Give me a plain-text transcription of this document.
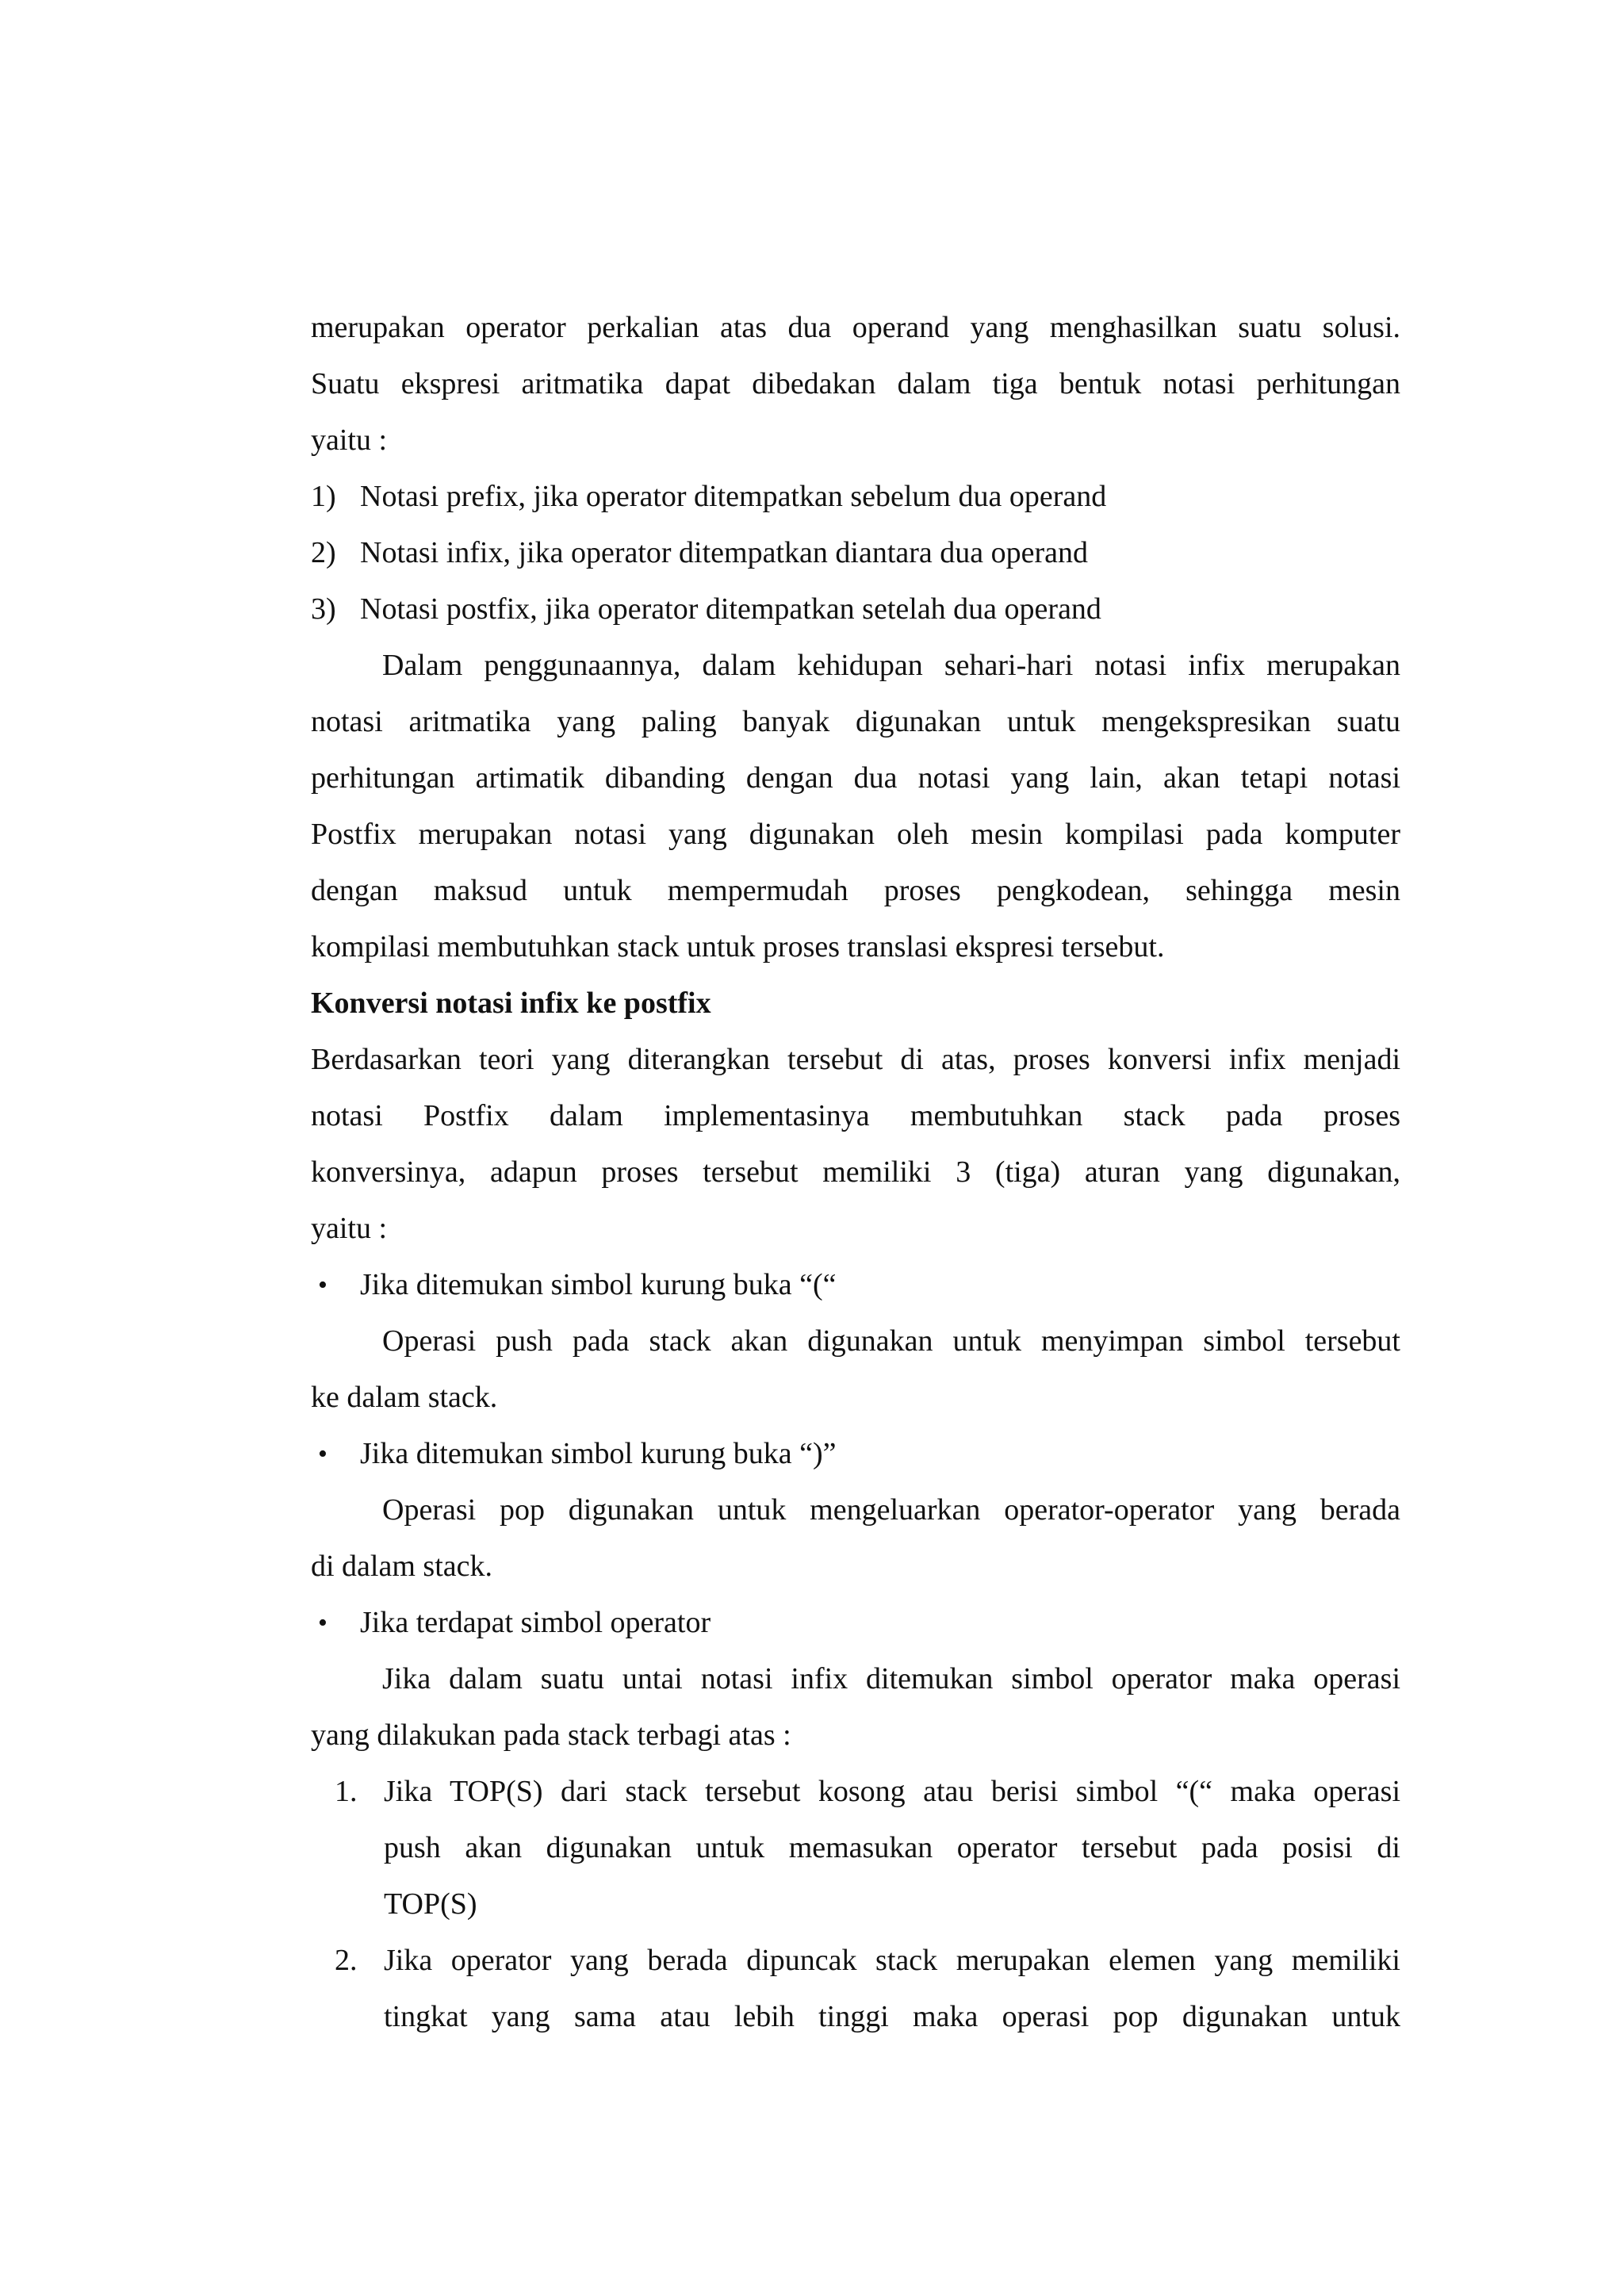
merupakan operator perkalian atas dua operand yang menghasilkan suatu solusi.
Suatu ekspresi aritmatika dapat dibedakan dalam tiga bentuk notasi perhitungan
yaitu :
1) Notasi prefix, jika operator ditempatkan sebelum dua operand
2) Notasi infix, jika operator ditempatkan diantara dua operand
3) Notasi postfix, jika operator ditempatkan setelah dua operand
Dalam penggunaannya, dalam kehidupan sehari-hari notasi infix merupakan
notasi aritmatika yang paling banyak digunakan untuk mengekspresikan suatu
perhitungan artimatik dibanding dengan dua notasi yang lain, akan tetapi notasi
Postfix merupakan notasi yang digunakan oleh mesin kompilasi pada komputer
dengan maksud untuk mempermudah proses pengkodean, sehingga mesin
kompilasi membutuhkan stack untuk proses translasi ekspresi tersebut.
Konversi notasi infix ke postfix
Berdasarkan teori yang diterangkan tersebut di atas, proses konversi infix menjadi
notasi Postfix dalam implementasinya membutuhkan stack pada proses
konversinya, adapun proses tersebut memiliki 3 (tiga) aturan yang digunakan,
yaitu :
• Jika ditemukan simbol kurung buka “(“
Operasi push pada stack akan digunakan untuk menyimpan simbol tersebut
ke dalam stack.
• Jika ditemukan simbol kurung buka “)”
Operasi pop digunakan untuk mengeluarkan operator-operator yang berada
di dalam stack.
• Jika terdapat simbol operator
Jika dalam suatu untai notasi infix ditemukan simbol operator maka operasi
yang dilakukan pada stack terbagi atas :
1. Jika TOP(S) dari stack tersebut kosong atau berisi simbol “(“ maka operasi
push akan digunakan untuk memasukan operator tersebut pada posisi di
TOP(S)
2. Jika operator yang berada dipuncak stack merupakan elemen yang memiliki
tingkat yang sama atau lebih tinggi maka operasi pop digunakan untuk
